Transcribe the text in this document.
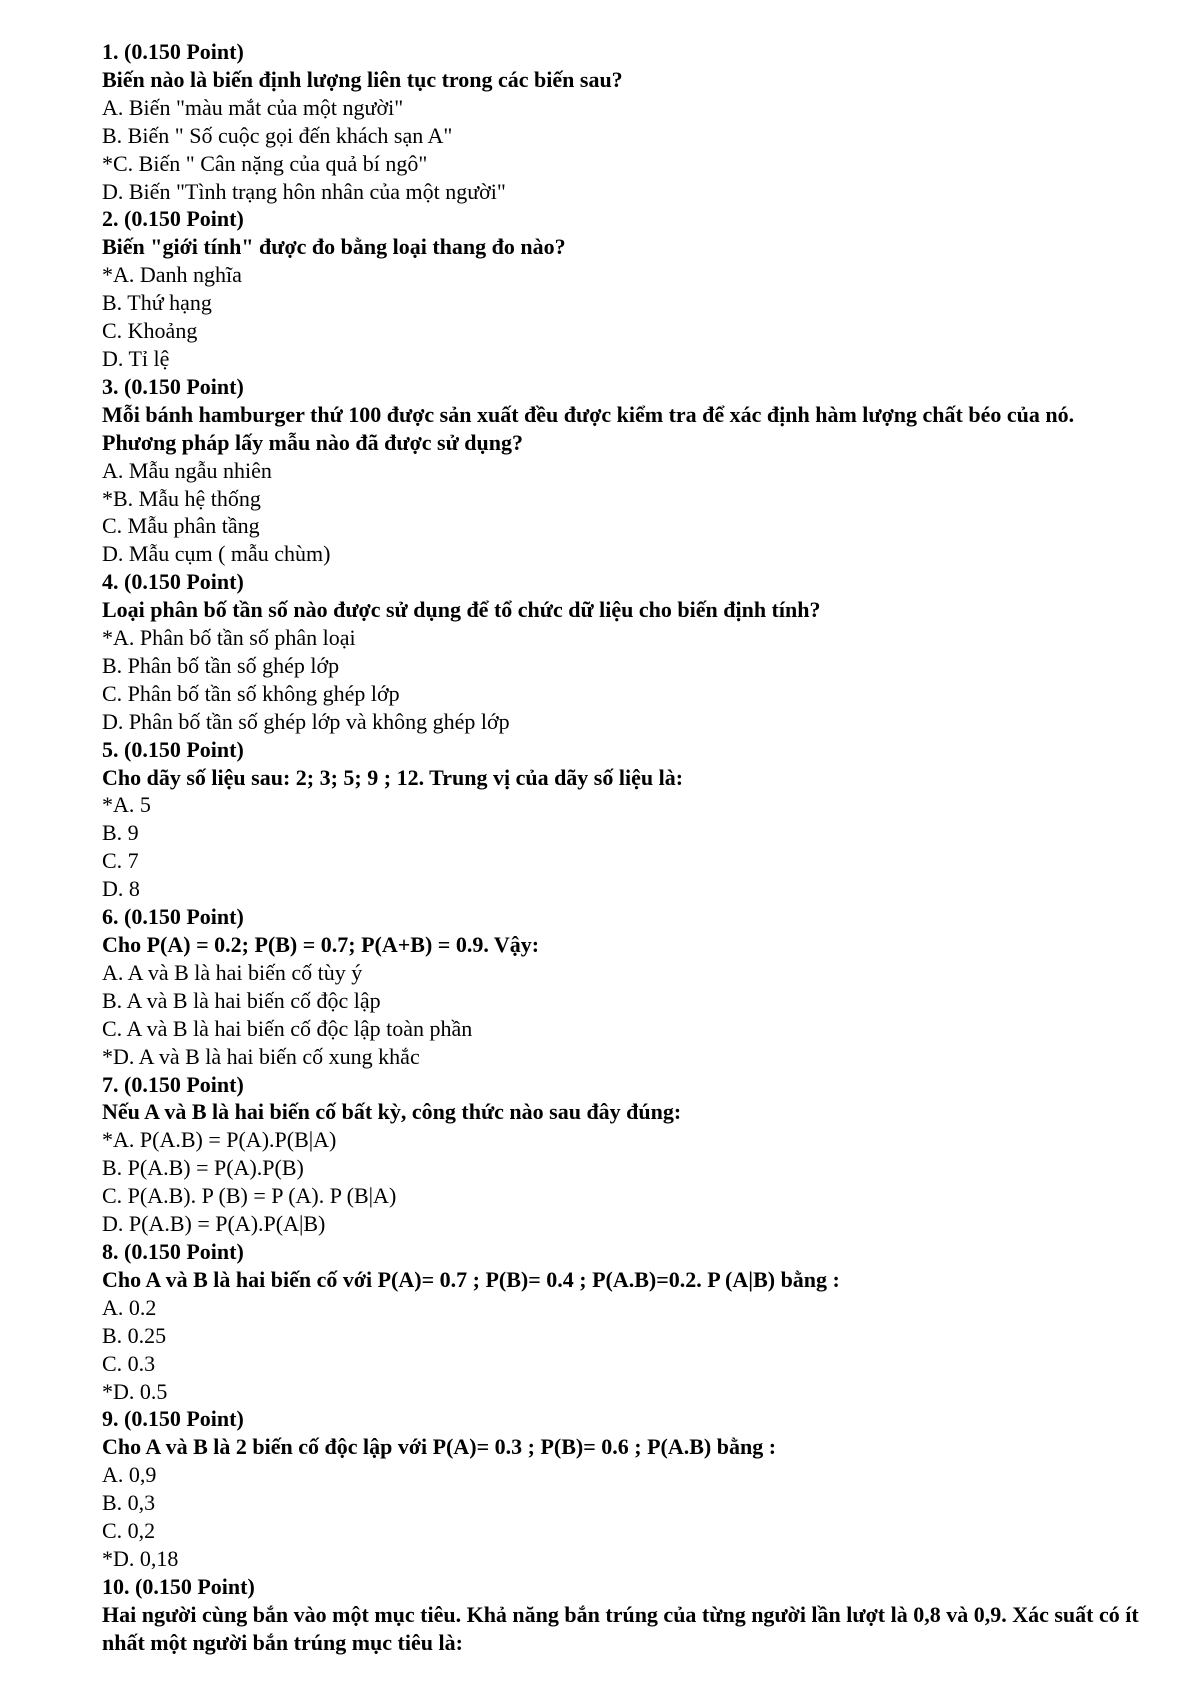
1. (0.150 Point)
Biến nào là biến định lượng liên tục trong các biến sau?
A. Biến "màu mắt của một người"
B. Biến " Số cuộc gọi đến khách sạn A"
*C. Biến " Cân nặng của quả bí ngô"
D. Biến "Tình trạng hôn nhân của một người"
2. (0.150 Point)
Biến "giới tính" được đo bằng loại thang đo nào?
*A. Danh nghĩa
B. Thứ hạng
C. Khoảng
D. Tỉ lệ
3. (0.150 Point)
Mỗi bánh hamburger thứ 100 được sản xuất đều được kiểm tra để xác định hàm lượng chất béo của nó. Phương pháp lấy mẫu nào đã được sử dụng?
A. Mẫu ngẫu nhiên
*B. Mẫu hệ thống
C. Mẫu phân tầng
D. Mẫu cụm ( mẫu chùm)
4. (0.150 Point)
Loại phân bố tần số nào được sử dụng để tổ chức dữ liệu cho biến định tính?
*A. Phân bố tần số phân loại
B. Phân bố tần số ghép lớp
C. Phân bố tần số không ghép lớp
D. Phân bố tần số ghép lớp và không ghép lớp
5. (0.150 Point)
Cho dãy số liệu sau: 2; 3; 5; 9 ; 12. Trung vị của dãy số liệu là:
*A. 5
B. 9
C. 7
D. 8
6. (0.150 Point)
Cho P(A) = 0.2; P(B) = 0.7; P(A+B) = 0.9. Vậy:
A. A và B là hai biến cố tùy ý
B. A và B là hai biến cố độc lập
C. A và B là hai biến cố độc lập toàn phần
*D. A và B là hai biến cố xung khắc
7. (0.150 Point)
Nếu A và B là hai biến cố bất kỳ, công thức nào sau đây đúng:
*A. P(A.B) = P(A).P(B|A)
B. P(A.B) = P(A).P(B)
C. P(A.B). P (B) = P (A). P (B|A)
D. P(A.B) = P(A).P(A|B)
8. (0.150 Point)
Cho A và B là hai biến cố với P(A)= 0.7 ; P(B)= 0.4 ; P(A.B)=0.2. P (A|B) bằng :
A. 0.2
B. 0.25
C. 0.3
*D. 0.5
9. (0.150 Point)
Cho A và B là 2 biến cố độc lập với P(A)= 0.3 ; P(B)= 0.6 ; P(A.B) bằng :
A. 0,9
B. 0,3
C. 0,2
*D. 0,18
10. (0.150 Point)
Hai người cùng bắn vào một mục tiêu. Khả năng bắn trúng của từng người lần lượt là 0,8 và 0,9. Xác suất có ít nhất một người bắn trúng mục tiêu là:
